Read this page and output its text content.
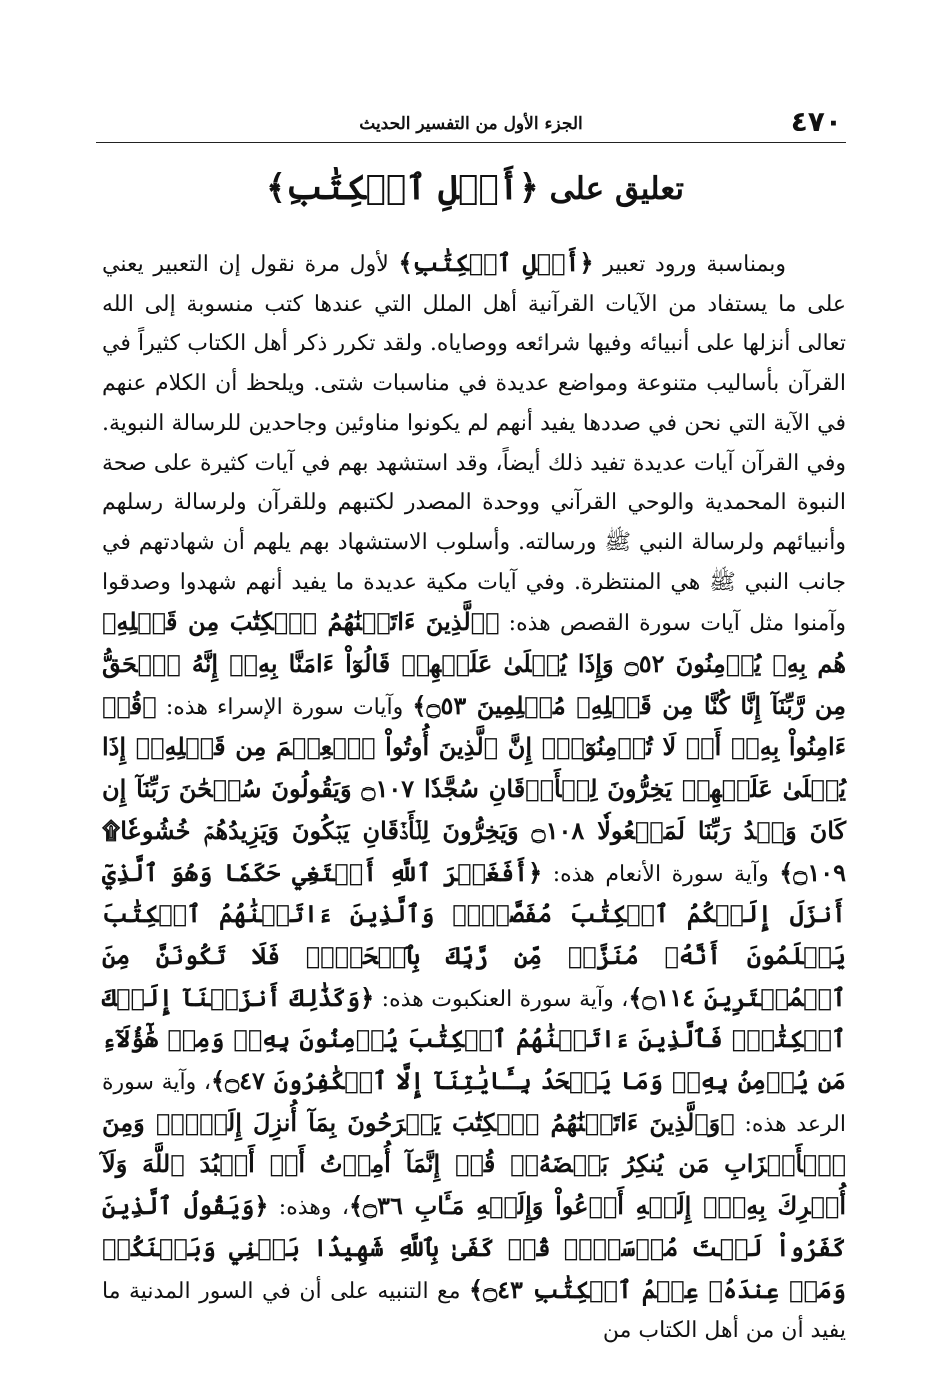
٤٧٠
الجزء الأول من التفسير الحديث
تعليق على ﴿أَهۡلِ ٱلۡكِتَٰبِ﴾

وبمناسبة ورود تعبير ﴿أَهۡلِ ٱلۡكِتَٰبِ﴾ لأول مرة نقول إن التعبير يعني على ما يستفاد من الآيات القرآنية أهل الملل التي عندها كتب منسوبة إلى الله تعالى أنزلها على أنبيائه وفيها شرائعه ووصاياه. ولقد تكرر ذكر أهل الكتاب كثيراً في القرآن بأساليب متنوعة ومواضع عديدة في مناسبات شتى. ويلحظ أن الكلام عنهم في الآية التي نحن في صددها يفيد أنهم لم يكونوا مناوئين وجاحدين للرسالة النبوية. وفي القرآن آيات عديدة تفيد ذلك أيضاً، وقد استشهد بهم في آيات كثيرة على صحة النبوة المحمدية والوحي القرآني ووحدة المصدر لكتبهم وللقرآن ولرسالة رسلهم وأنبيائهم ولرسالة النبي ﷺ ورسالته. وأسلوب الاستشهاد بهم يلهم أن شهادتهم في جانب النبي ﷺ هي المنتظرة. وفي آيات مكية عديدة ما يفيد أنهم شهدوا وصدقوا وآمنوا مثل آيات سورة القصص هذه: ﴿ٱلَّذِينَ ءَاتَيۡنَٰهُمُ ٱلۡكِتَٰبَ مِن قَبۡلِهِۦ هُم بِهِۦ يُؤۡمِنُونَ ۝٥٢ وَإِذَا يُتۡلَىٰ عَلَيۡهِمۡ قَالُوٓاْ ءَامَنَّا بِهِۦٓ إِنَّهُ ٱلۡحَقُّ مِن رَّبِّنَآ إِنَّا كُنَّا مِن قَبۡلِهِۦ مُسۡلِمِينَ ۝٥٣﴾ وآيات سورة الإسراء هذه: ﴿قُلۡ ءَامِنُواْ بِهِۦٓ أَوۡ لَا تُؤۡمِنُوٓاْۚ إِنَّ ٱلَّذِينَ أُوتُواْ ٱلۡعِلۡمَ مِن قَبۡلِهِۦٓ إِذَا يُتۡلَىٰ عَلَيۡهِمۡ يَخِرُّونَ لِلۡأَذۡقَانِ سُجَّدٗا ۝١٠٧ وَيَقُولُونَ سُبۡحَٰنَ رَبِّنَآ إِن كَانَ وَعۡدُ رَبِّنَا لَمَفۡعُولٗا ۝١٠٨ وَيَخِرُّونَ لِلۡأَذۡقَانِ يَبۡكُونَ وَيَزِيدُهُمۡ خُشُوعٗا۩ ۝١٠٩﴾ وآية سورة الأنعام هذه: ﴿أَفَغَيۡرَ ٱللَّهِ أَبۡتَغِي حَكَمٗا وَهُوَ ٱلَّذِيٓ أَنزَلَ إِلَيۡكُمُ ٱلۡكِتَٰبَ مُفَصَّلٗاۚ وَٱلَّذِينَ ءَاتَيۡنَٰهُمُ ٱلۡكِتَٰبَ يَعۡلَمُونَ أَنَّهُۥ مُنَزَّلٞ مِّن رَّبِّكَ بِٱلۡحَقِّۖ فَلَا تَكُونَنَّ مِنَ ٱلۡمُمۡتَرِينَ ۝١١٤﴾، وآية سورة العنكبوت هذه: ﴿وَكَذَٰلِكَ أَنزَلۡنَآ إِلَيۡكَ ٱلۡكِتَٰبَۚ فَٱلَّذِينَ ءَاتَيۡنَٰهُمُ ٱلۡكِتَٰبَ يُؤۡمِنُونَ بِهِۦۖ وَمِنۡ هَٰٓؤُلَآءِ مَن يُؤۡمِنُ بِهِۦۚ وَمَا يَجۡحَدُ بِـَٔايَٰتِنَآ إِلَّا ٱلۡكَٰفِرُونَ ۝٤٧﴾، وآية سورة الرعد هذه: ﴿وَٱلَّذِينَ ءَاتَيۡنَٰهُمُ ٱلۡكِتَٰبَ يَفۡرَحُونَ بِمَآ أُنزِلَ إِلَيۡكَۖ وَمِنَ ٱلۡأَحۡزَابِ مَن يُنكِرُ بَعۡضَهُۥۚ قُلۡ إِنَّمَآ أُمِرۡتُ أَنۡ أَعۡبُدَ ٱللَّهَ وَلَآ أُشۡرِكَ بِهِۦٓۚ إِلَيۡهِ أَدۡعُواْ وَإِلَيۡهِ مَـَٔابِ ۝٣٦﴾، وهذه: ﴿وَيَقُولُ ٱلَّذِينَ كَفَرُواْ لَسۡتَ مُرۡسَلٗاۚ قُلۡ كَفَىٰ بِٱللَّهِ شَهِيدَۢا بَيۡنِي وَبَيۡنَكُمۡ وَمَنۡ عِندَهُۥ عِلۡمُ ٱلۡكِتَٰبِ ۝٤٣﴾ مع التنبيه على أن في السور المدنية ما يفيد أن من أهل الكتاب من
